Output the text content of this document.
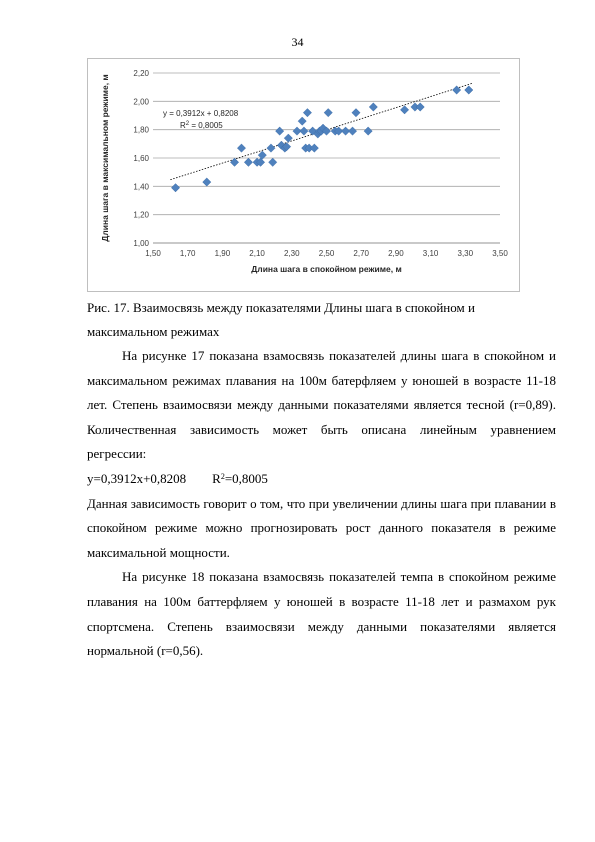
34
1,00
1,20
1,40
1,60
1,80
2,00
2,20
1,50 1,70 1,90 2,10 2,30 2,50 2,70 2,90 3,10 3,30 3,50
y = 0,3912x + 0,8208
$R^2 = 0,8005$
Длина шага в спокойном режиме, м
Длина шага в максимальном режиме, м
Рис. 17. Взаимосвязь между показателями Длины шага в спокойном и
максимальном режимах

На рисунке 17 показана взамосвязь показателей длины шага в спокойном и максимальном режимах плавания на 100м батерфляем у юношей в возрасте 11-18 лет. Степень взаимосвязи между данными показателями является тесной (r=0,89). Количественная зависимость может быть описана линейным уравнением регрессии:

y=0,3912x+0,8208        $R^2=0,8005$

Данная зависимость говорит о том, что при увеличении длины шага при плавании в спокойном режиме можно прогнозировать рост данного показателя в режиме максимальной мощности.

На рисунке 18 показана взамосвязь показателей темпа в спокойном режиме плавания на 100м баттерфляем у юношей в возрасте 11-18 лет и размахом рук спортсмена. Степень взаимосвязи между данными показателями является нормальной (r=0,56).
